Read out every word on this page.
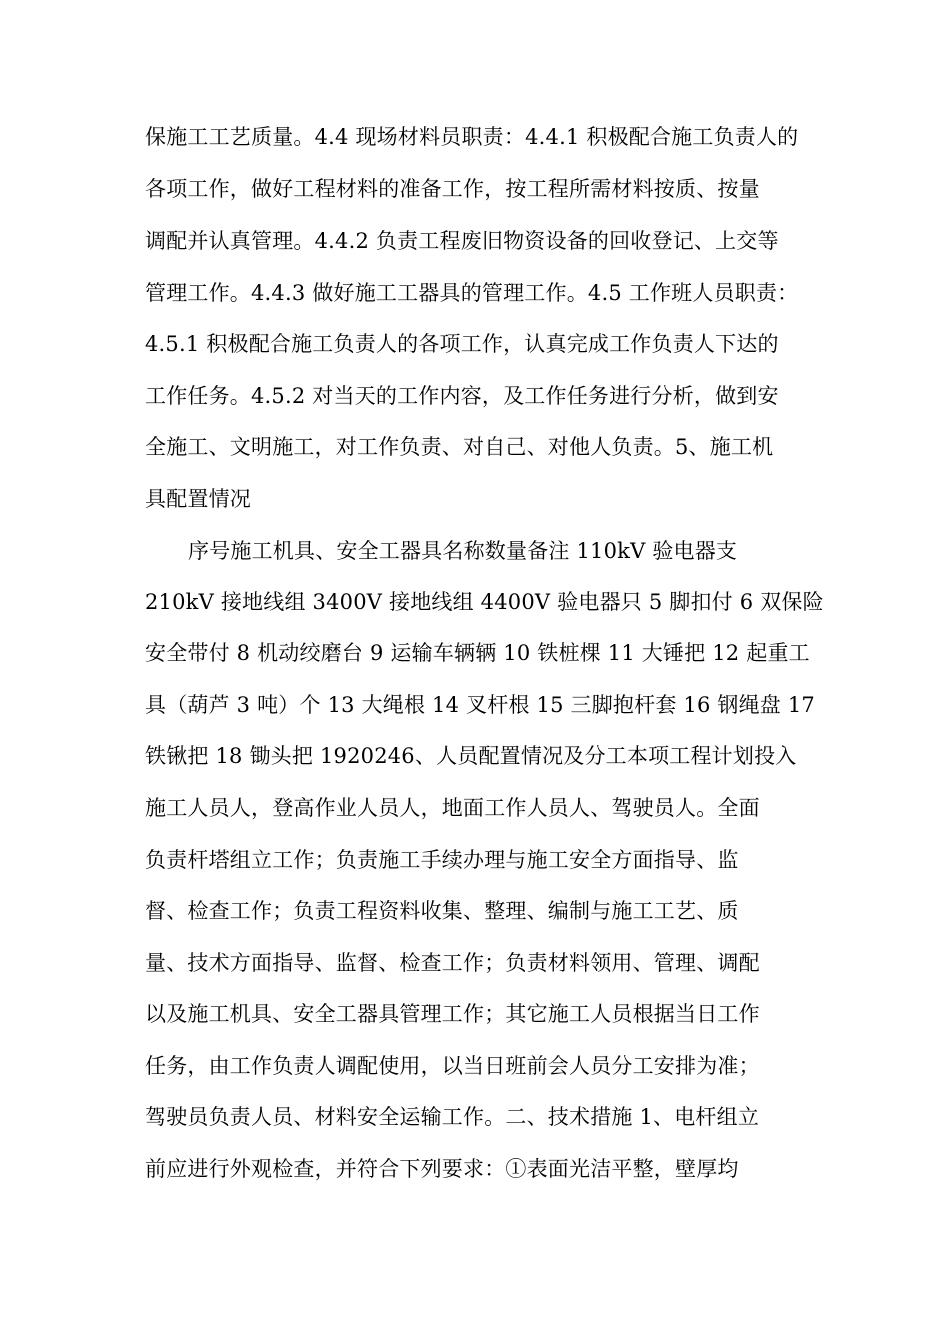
保施工工艺质量。4.4 现场材料员职责：4.4.1 积极配合施工负责人的
各项工作，做好工程材料的准备工作，按工程所需材料按质、按量
调配并认真管理。4.4.2 负责工程废旧物资设备的回收登记、上交等
管理工作。4.4.3 做好施工工器具的管理工作。4.5 工作班人员职责：
4.5.1 积极配合施工负责人的各项工作，认真完成工作负责人下达的
工作任务。4.5.2 对当天的工作内容，及工作任务进行分析，做到安
全施工、文明施工，对工作负责、对自己、对他人负责。5、施工机
具配置情况
序号施工机具、安全工器具名称数量备注 110kV 验电器支
210kV 接地线组 3400V 接地线组 4400V 验电器只 5 脚扣付 6 双保险
安全带付 8 机动绞磨台 9 运输车辆辆 10 铁桩棵 11 大锤把 12 起重工
具（葫芦 3 吨）个 13 大绳根 14 叉杆根 15 三脚抱杆套 16 钢绳盘 17
铁锹把 18 锄头把 1920246、人员配置情况及分工本项工程计划投入
施工人员人，登高作业人员人，地面工作人员人、驾驶员人。全面
负责杆塔组立工作；负责施工手续办理与施工安全方面指导、监
督、检查工作；负责工程资料收集、整理、编制与施工工艺、质
量、技术方面指导、监督、检查工作；负责材料领用、管理、调配
以及施工机具、安全工器具管理工作；其它施工人员根据当日工作
任务，由工作负责人调配使用，以当日班前会人员分工安排为准；
驾驶员负责人员、材料安全运输工作。二、技术措施 1、电杆组立
前应进行外观检查，并符合下列要求：①表面光洁平整，壁厚均
